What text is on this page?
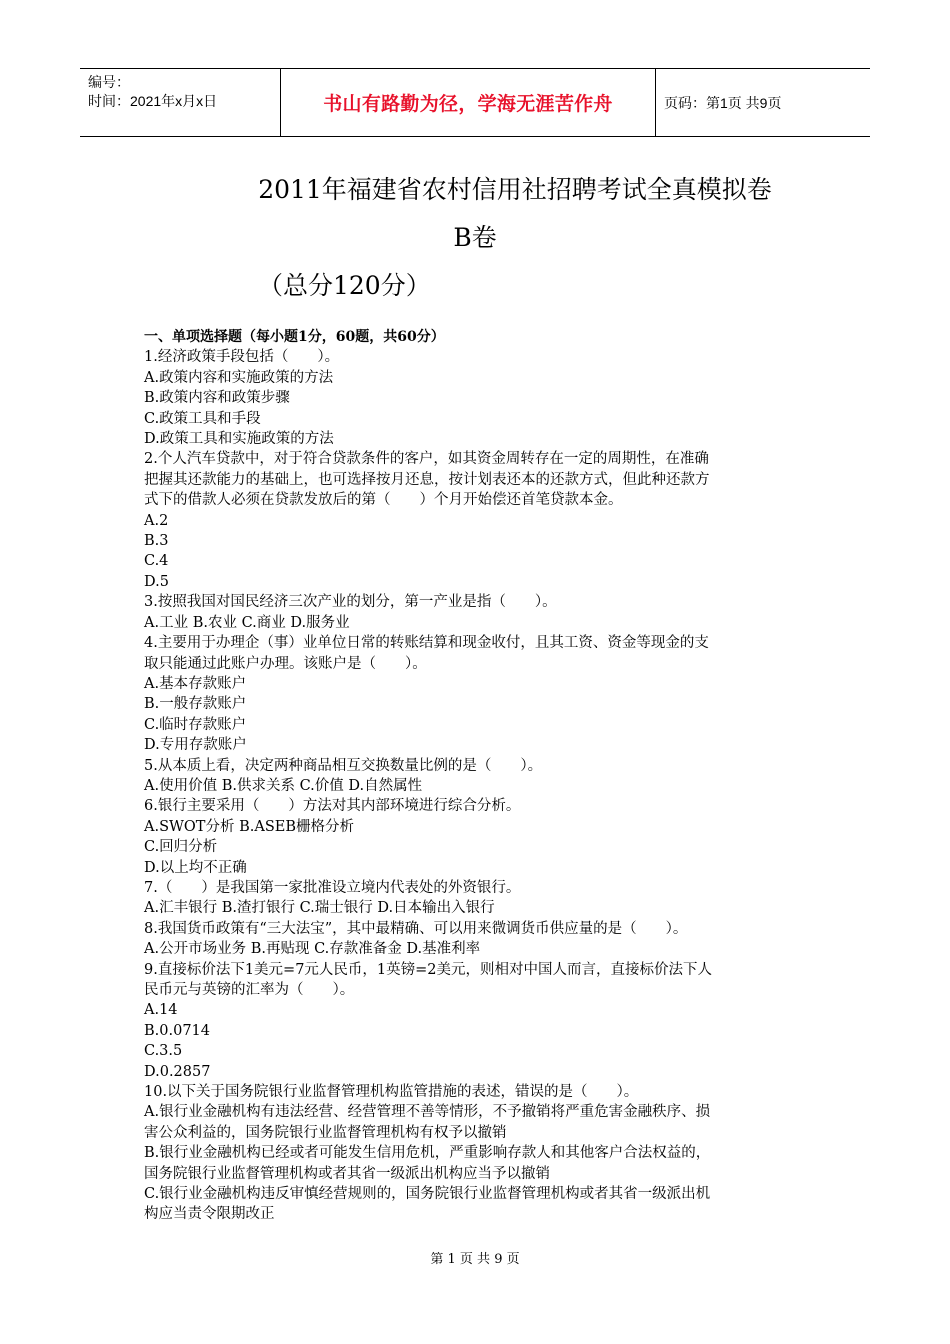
编号：
时间：2021年x月x日	书山有路勤为径，学海无涯苦作舟	页码：第1页 共9页
2011年福建省农村信用社招聘考试全真模拟卷
B卷
（总分120分）
一、单项选择题（每小题1分，60题，共60分）
1.经济政策手段包括（　　）。
A.政策内容和实施政策的方法
B.政策内容和政策步骤
C.政策工具和手段
D.政策工具和实施政策的方法
2.个人汽车贷款中，对于符合贷款条件的客户，如其资金周转存在一定的周期性，在准确
把握其还款能力的基础上，也可选择按月还息，按计划表还本的还款方式，但此种还款方
式下的借款人必须在贷款发放后的第（　　）个月开始偿还首笔贷款本金。
A.2
B.3
C.4
D.5
3.按照我国对国民经济三次产业的划分，第一产业是指（　　）。
A.工业 B.农业 C.商业 D.服务业
4.主要用于办理企（事）业单位日常的转账结算和现金收付，且其工资、资金等现金的支
取只能通过此账户办理。该账户是（　　）。
A.基本存款账户
B.一般存款账户
C.临时存款账户
D.专用存款账户
5.从本质上看，决定两种商品相互交换数量比例的是（　　）。
A.使用价值 B.供求关系 C.价值 D.自然属性
6.银行主要采用（　　）方法对其内部环境进行综合分析。
A.SWOT分析 B.ASEB栅格分析
C.回归分析
D.以上均不正确
7.（　　）是我国第一家批准设立境内代表处的外资银行。
A.汇丰银行 B.渣打银行 C.瑞士银行 D.日本输出入银行
8.我国货币政策有“三大法宝”，其中最精确、可以用来微调货币供应量的是（　　）。
A.公开市场业务 B.再贴现 C.存款准备金 D.基准利率
9.直接标价法下1美元=7元人民币，1英镑=2美元，则相对中国人而言，直接标价法下人
民币元与英镑的汇率为（　　）。
A.14
B.0.0714
C.3.5
D.0.2857
10.以下关于国务院银行业监督管理机构监管措施的表述，错误的是（　　）。
A.银行业金融机构有违法经营、经营管理不善等情形，不予撤销将严重危害金融秩序、损
害公众利益的，国务院银行业监督管理机构有权予以撤销
B.银行业金融机构已经或者可能发生信用危机，严重影响存款人和其他客户合法权益的，
国务院银行业监督管理机构或者其省一级派出机构应当予以撤销
C.银行业金融机构违反审慎经营规则的，国务院银行业监督管理机构或者其省一级派出机
构应当责令限期改正
第 1 页 共 9 页
